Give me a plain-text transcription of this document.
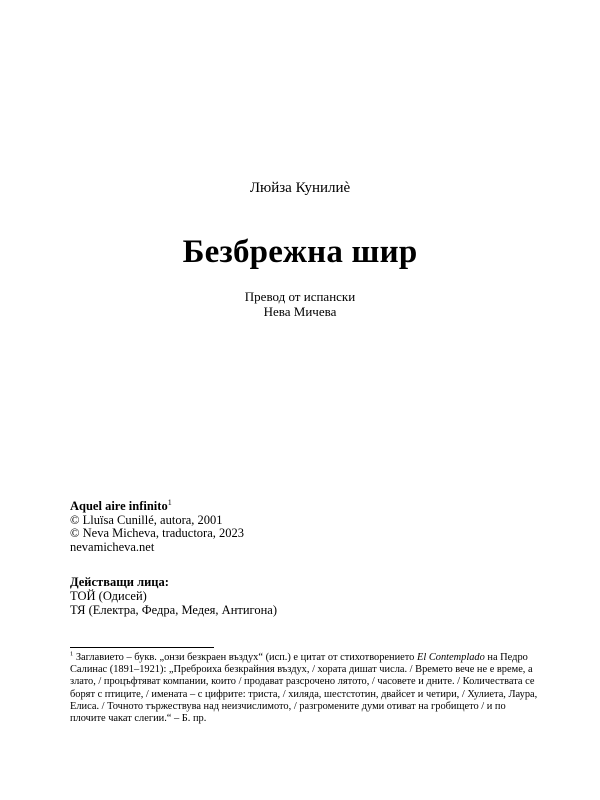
Люйза Кунилиѐ
Безбрежна шир
Превод от испански
Нева Мичева
Aquel aire infinito$^1$
© Lluïsa Cunillé, autora, 2001
© Neva Micheva, traductora, 2023
nevamicheva.net
Действащи лица:
ТОЙ (Одисей)
ТЯ (Електра, Федра, Медея, Антигона)
$^1$ Заглавието – букв. „онзи безкраен въздух“ (исп.) е цитат от стихотворението El Contemplado на Педро Салинас (1891–1921): „Преброиха безкрайния въздух, / хората дишат числа. / Времето вече не е време, а злато, / процъфтяват компании, които / продават разсрочено лятото, / часовете и дните. / Количествата се борят с птиците, / имената – с цифрите: триста, / хиляда, шестстотин, двайсет и четири, / Хулиета, Лаура, Елиса. / Точното тържествува над неизчислимото, / разгромените думи отиват на гробището / и по плочите чакат слегии.“ – Б. пр.
